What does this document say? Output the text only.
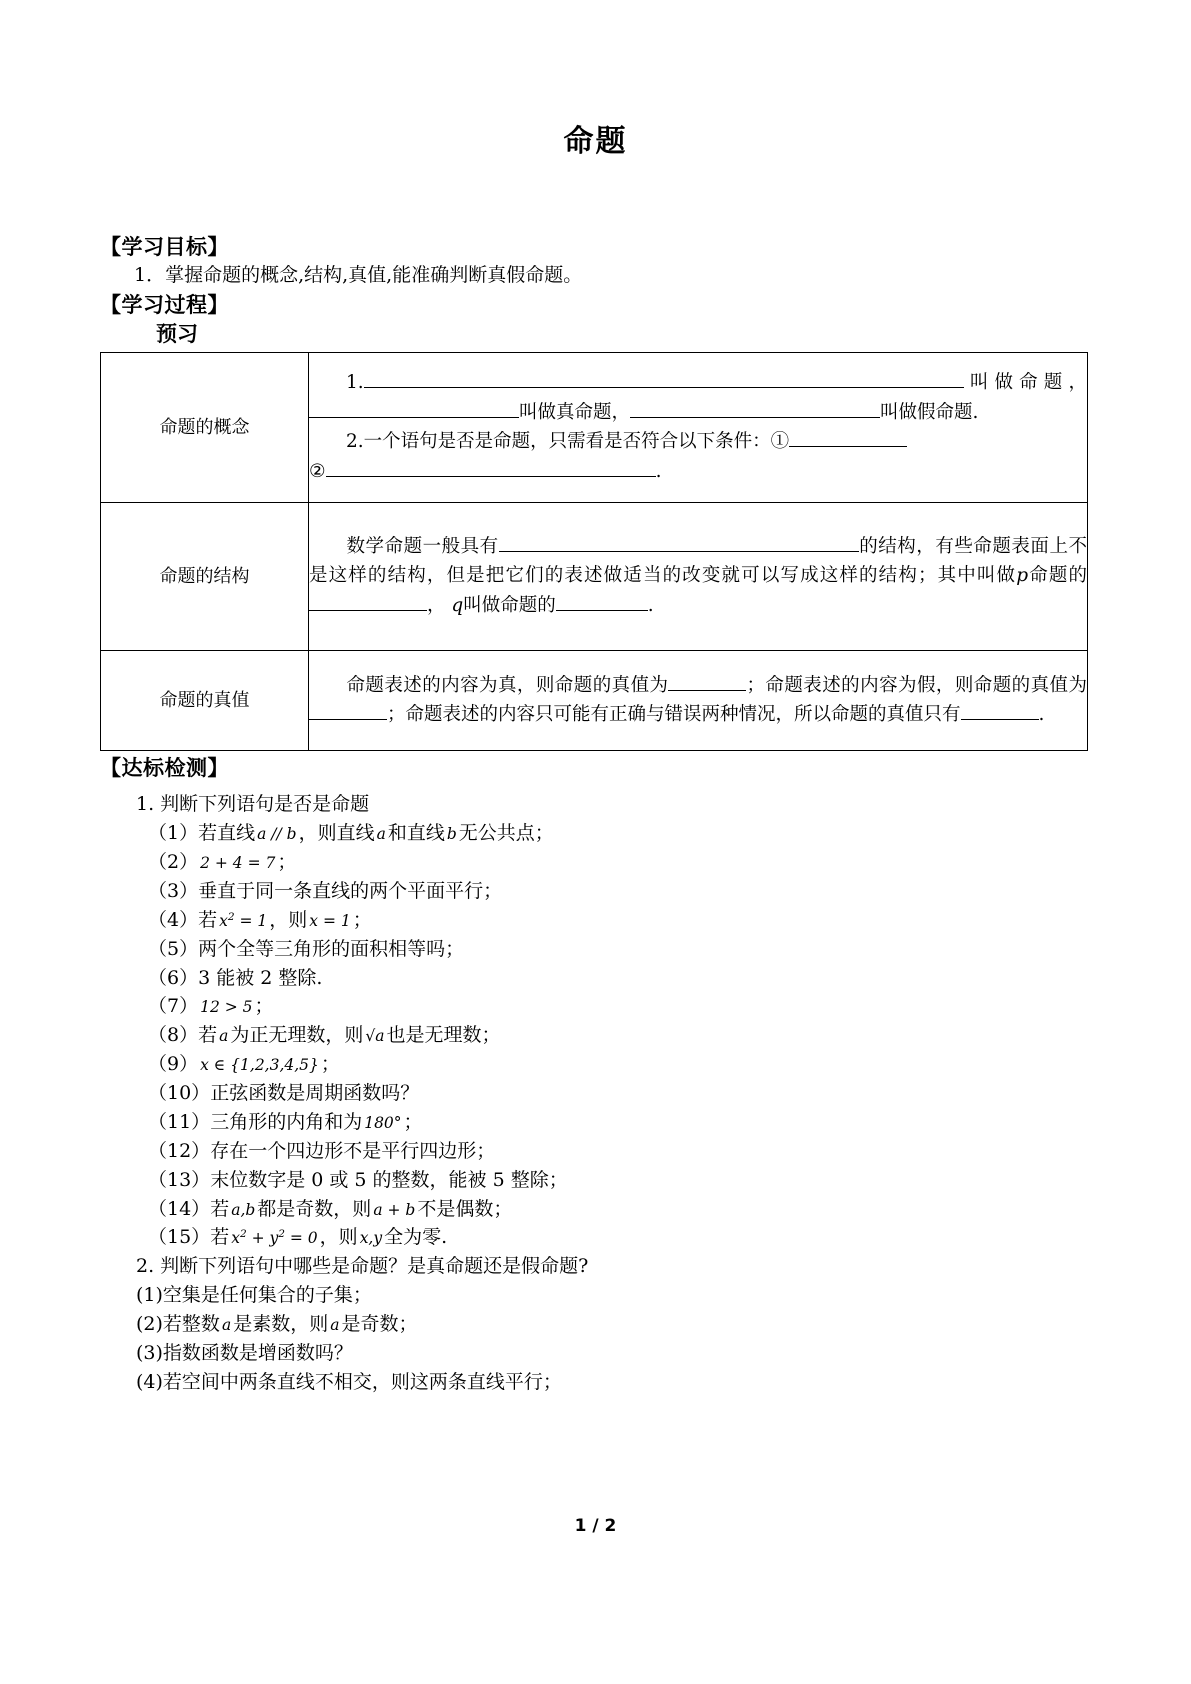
命题

【学习目标】

1．掌握命题的概念,结构,真值,能准确判断真假命题。

【学习过程】

预习

命题的概念	1. 叫做命题，叫做真命题， 叫做假命题.
2.一个语句是否是命题，只需看是否符合以下条件：①
② .
命题的结构	数学命题一般具有 的结构，有些命题表面上不是这样的结构，但是把它们的表述做适当的改变就可以写成这样的结构；其中叫做p命题的， q叫做命题的 .
命题的真值	命题表述的内容为真，则命题的真值为 ；命题表述的内容为假，则命题的真值为；命题表述的内容只可能有正确与错误两种情况，所以命题的真值只有 .

【达标检测】

1. 判断下列语句是否是命题

（1）若直线 a // b ，则直线 a 和直线 b 无公共点；

（2） 2 + 4 = 7 ；

（3）垂直于同一条直线的两个平面平行；

（4）若 $x^2 = 1$ ，则 x = 1 ；

（5）两个全等三角形的面积相等吗；

（6）3 能被 2 整除.

（7） 12 > 5 ；

（8）若 a 为正无理数，则 √a 也是无理数；

（9） x ∈ {1,2,3,4,5} ；

（10）正弦函数是周期函数吗？

（11）三角形的内角和为 180° ；

（12）存在一个四边形不是平行四边形；

（13）末位数字是 0 或 5 的整数，能被 5 整除；

（14）若 a,b 都是奇数，则 a + b 不是偶数；

（15）若 $x^2 + y^2 = 0$ ，则 x,y 全为零.

2. 判断下列语句中哪些是命题？是真命题还是假命题?

(1)空集是任何集合的子集；

(2)若整数 a 是素数，则 a 是奇数；

(3)指数函数是增函数吗？

(4)若空间中两条直线不相交，则这两条直线平行；

1 / 2
